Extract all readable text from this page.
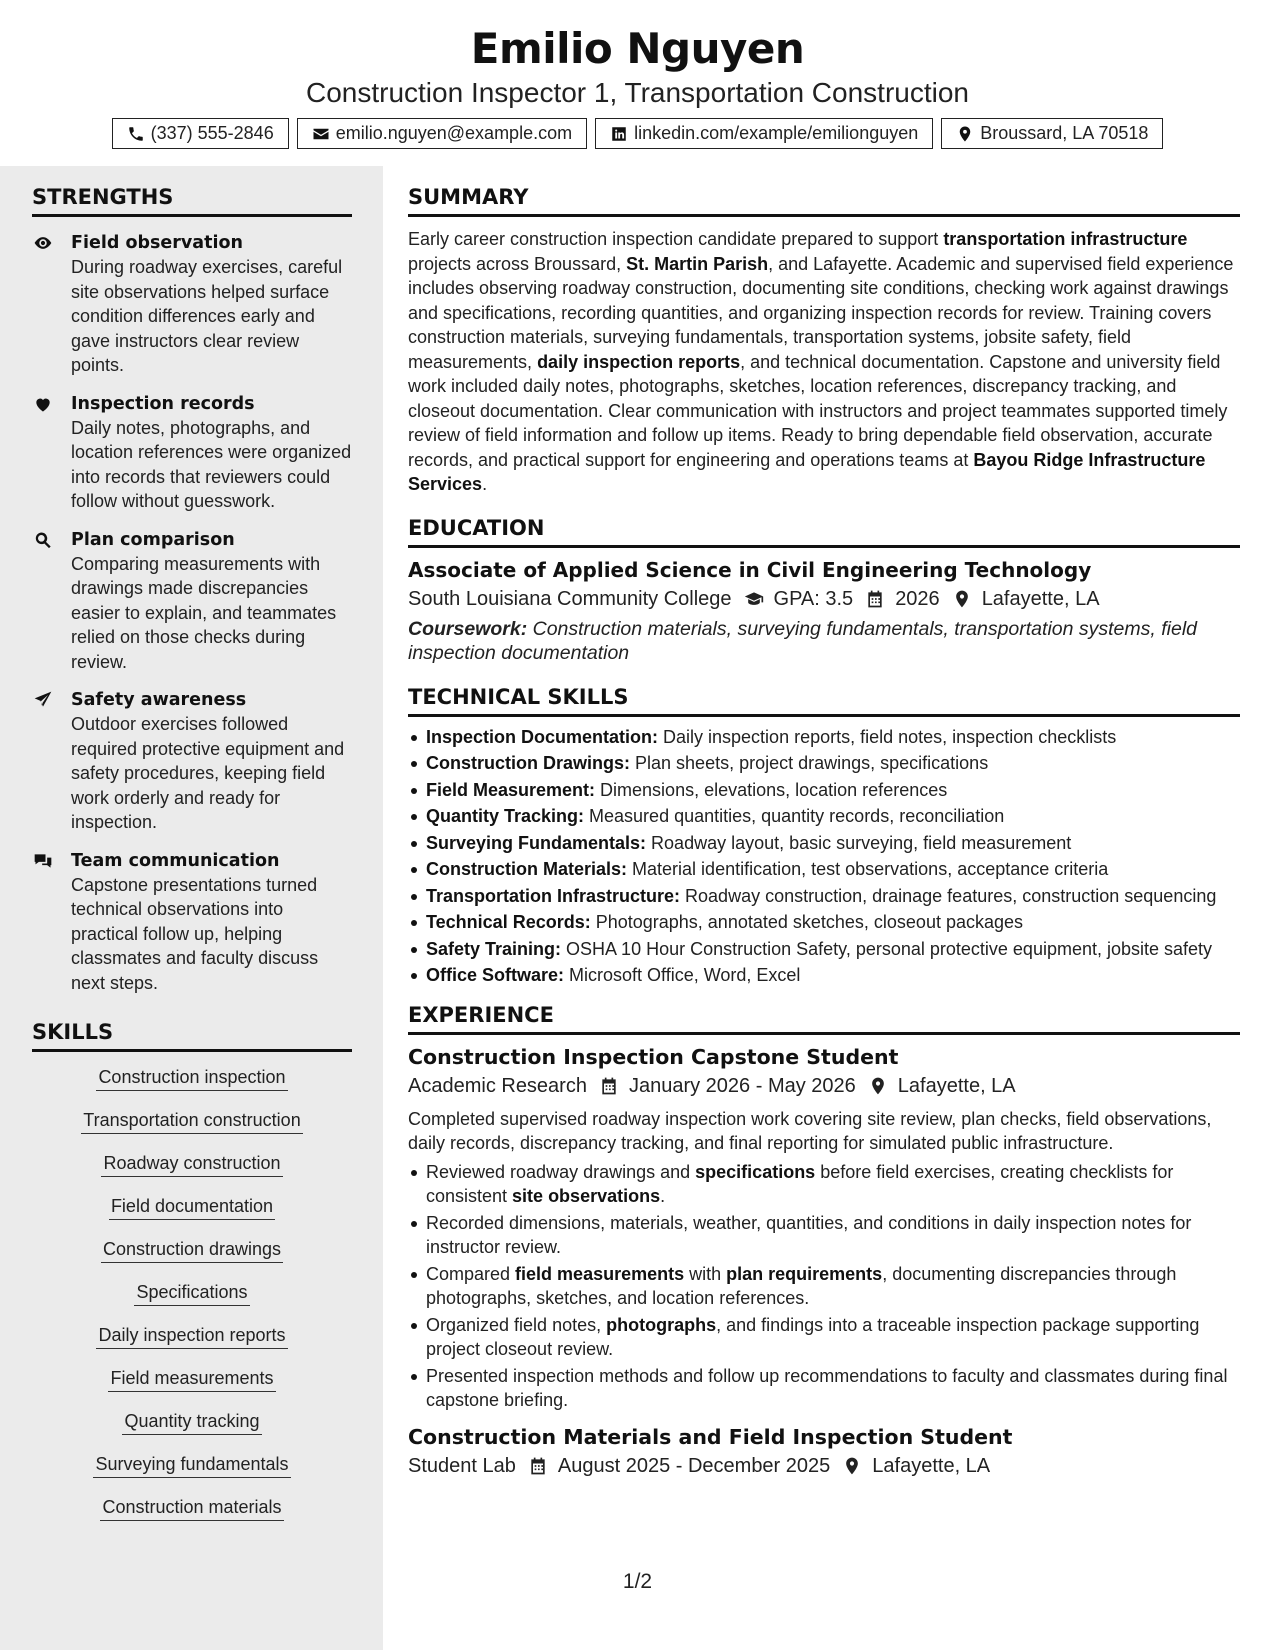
Emilio Nguyen
Construction Inspector 1, Transportation Construction
(337) 555-2846	emilio.nguyen@example.com	linkedin.com/example/emilionguyen	Broussard, LA 70518
STRENGTHS
Field observation
During roadway exercises, careful site observations helped surface condition differences early and gave instructors clear review points.
Inspection records
Daily notes, photographs, and location references were organized into records that reviewers could follow without guesswork.
Plan comparison
Comparing measurements with drawings made discrepancies easier to explain, and teammates relied on those checks during review.
Safety awareness
Outdoor exercises followed required protective equipment and safety procedures, keeping field work orderly and ready for inspection.
Team communication
Capstone presentations turned technical observations into practical follow up, helping classmates and faculty discuss next steps.
SKILLS
Construction inspection
Transportation construction
Roadway construction
Field documentation
Construction drawings
Specifications
Daily inspection reports
Field measurements
Quantity tracking
Surveying fundamentals
Construction materials
SUMMARY
Early career construction inspection candidate prepared to support transportation infrastructure projects across Broussard, St. Martin Parish, and Lafayette. Academic and supervised field experience includes observing roadway construction, documenting site conditions, checking work against drawings and specifications, recording quantities, and organizing inspection records for review. Training covers construction materials, surveying fundamentals, transportation systems, jobsite safety, field measurements, daily inspection reports, and technical documentation. Capstone and university field work included daily notes, photographs, sketches, location references, discrepancy tracking, and closeout documentation. Clear communication with instructors and project teammates supported timely review of field information and follow up items. Ready to bring dependable field observation, accurate records, and practical support for engineering and operations teams at Bayou Ridge Infrastructure Services.
EDUCATION
Associate of Applied Science in Civil Engineering Technology
South Louisiana Community College GPA: 3.5 2026 Lafayette, LA
Coursework: Construction materials, surveying fundamentals, transportation systems, field inspection documentation
TECHNICAL SKILLS
Inspection Documentation: Daily inspection reports, field notes, inspection checklists
Construction Drawings: Plan sheets, project drawings, specifications
Field Measurement: Dimensions, elevations, location references
Quantity Tracking: Measured quantities, quantity records, reconciliation
Surveying Fundamentals: Roadway layout, basic surveying, field measurement
Construction Materials: Material identification, test observations, acceptance criteria
Transportation Infrastructure: Roadway construction, drainage features, construction sequencing
Technical Records: Photographs, annotated sketches, closeout packages
Safety Training: OSHA 10 Hour Construction Safety, personal protective equipment, jobsite safety
Office Software: Microsoft Office, Word, Excel
EXPERIENCE
Construction Inspection Capstone Student
Academic Research January 2026 - May 2026 Lafayette, LA
Completed supervised roadway inspection work covering site review, plan checks, field observations, daily records, discrepancy tracking, and final reporting for simulated public infrastructure.
Reviewed roadway drawings and specifications before field exercises, creating checklists for consistent site observations.
Recorded dimensions, materials, weather, quantities, and conditions in daily inspection notes for instructor review.
Compared field measurements with plan requirements, documenting discrepancies through photographs, sketches, and location references.
Organized field notes, photographs, and findings into a traceable inspection package supporting project closeout review.
Presented inspection methods and follow up recommendations to faculty and classmates during final capstone briefing.
Construction Materials and Field Inspection Student
Student Lab August 2025 - December 2025 Lafayette, LA
1/2
